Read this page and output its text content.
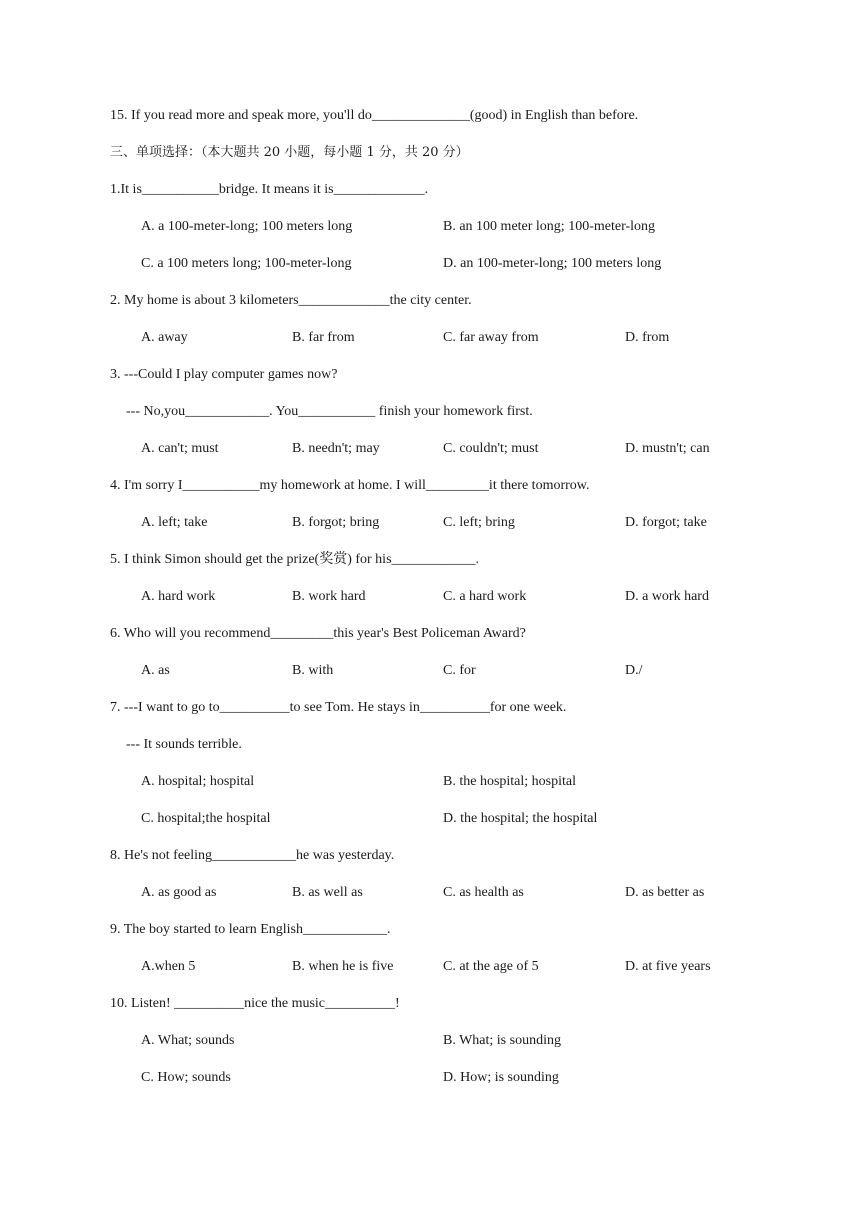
15. If you read more and speak more, you'll do______________(good) in English than before.
三、单项选择：（本大题共 20 小题，每小题 1 分，共 20 分）
1.It is___________bridge. It means it is_____________.
A. a 100-meter-long; 100 meters long	B. an 100 meter long; 100-meter-long
C. a 100 meters long; 100-meter-long	D. an 100-meter-long; 100 meters long
2. My home is about 3 kilometers_____________the city center.
A. away	B. far from	C. far away from	D. from
3. ---Could I play computer games now?
--- No,you____________. You___________ finish your homework first.
A. can't; must	B. needn't; may	C. couldn't; must	D. mustn't; can
4. I'm sorry I___________my homework at home. I will_________it there tomorrow.
A. left; take	B. forgot; bring	C. left; bring	D. forgot; take
5. I think Simon should get the prize(奖赏) for his____________.
A. hard work	B. work hard	C. a hard work	D. a work hard
6. Who will you recommend_________this year's Best Policeman Award?
A. as	B. with	C. for	D./
7. ---I want to go to__________to see Tom. He stays in__________for one week.
--- It sounds terrible.
A. hospital; hospital	B. the hospital; hospital
C. hospital;the hospital	D. the hospital; the hospital
8. He's not feeling____________he was yesterday.
A. as good as	B. as well as	C. as health as	D. as better as
9. The boy started to learn English____________.
A.when 5	B. when he is five	C. at the age of 5	D. at five years
10. Listen! __________nice the music__________!
A. What; sounds	B. What; is sounding
C. How; sounds	D. How; is sounding
